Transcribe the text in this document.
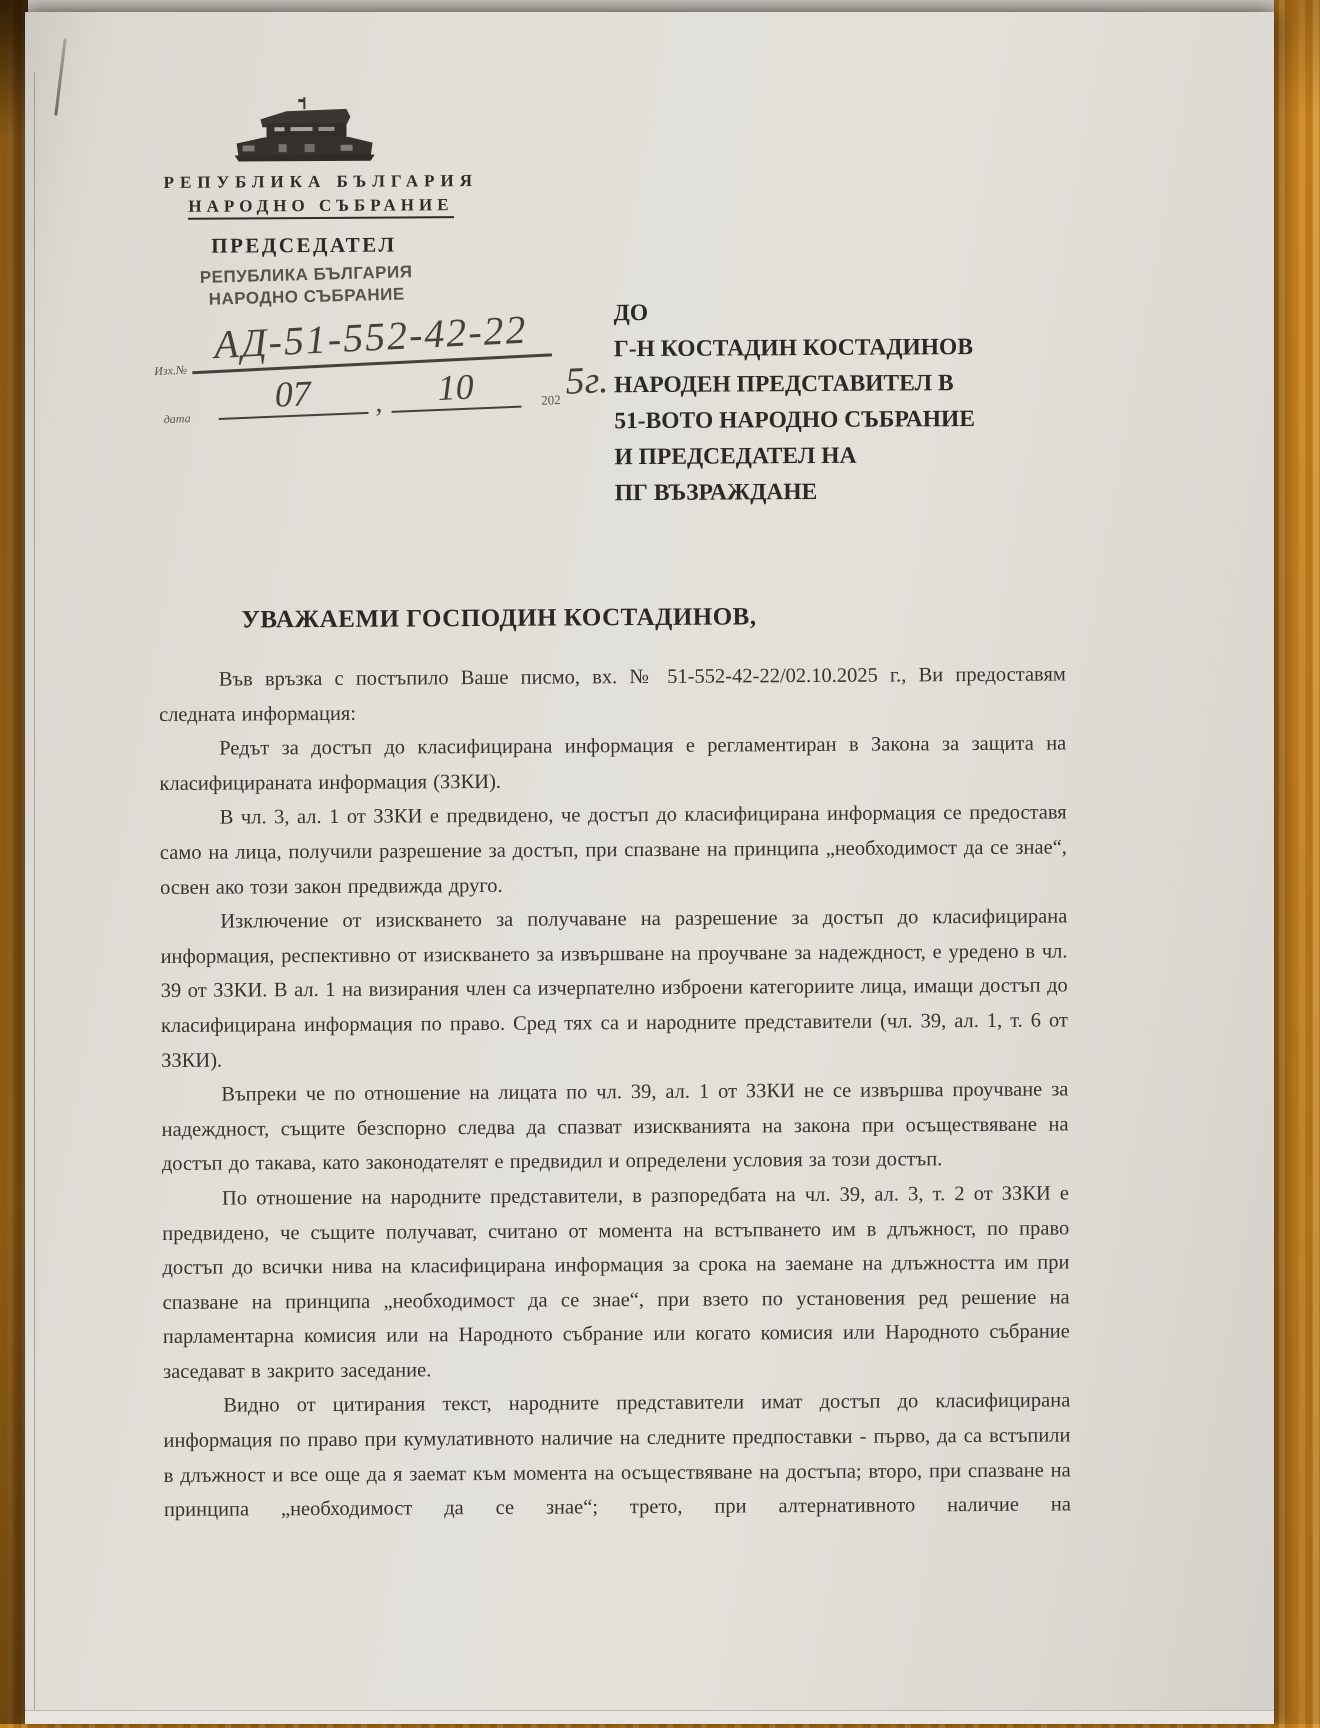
РЕПУБЛИКА БЪЛГАРИЯ
НАРОДНО СЪБРАНИЕ
ПРЕДСЕДАТЕЛ
РЕПУБЛИКА БЪЛГАРИЯ
НАРОДНО СЪБРАНИЕ
Изх.№
АД-51-552-42-22
дата
07	,	10	202 5г.
ДО
Г-Н КОСТАДИН КОСТАДИНОВ
НАРОДЕН ПРЕДСТАВИТЕЛ В
51-ВОТО НАРОДНО СЪБРАНИЕ
И ПРЕДСЕДАТЕЛ НА
ПГ ВЪЗРАЖДАНЕ
УВАЖАЕМИ ГОСПОДИН КОСТАДИНОВ,

Във връзка с постъпило Ваше писмо, вх. № 51-552-42-22/02.10.2025 г., Ви предоставям следната информация:

Редът за достъп до класифицирана информация е регламентиран в Закона за защита на класифицираната информация (ЗЗКИ).

В чл. 3, ал. 1 от ЗЗКИ е предвидено, че достъп до класифицирана информация се предоставя само на лица, получили разрешение за достъп, при спазване на принципа „необходимост да се знае“, освен ако този закон предвижда друго.

Изключение от изискването за получаване на разрешение за достъп до класифицирана информация, респективно от изискването за извършване на проучване за надеждност, е уредено в чл. 39 от ЗЗКИ. В ал. 1 на визирания член са изчерпателно изброени категориите лица, имащи достъп до класифицирана информация по право. Сред тях са и народните представители (чл. 39, ал. 1, т. 6 от ЗЗКИ).

Въпреки че по отношение на лицата по чл. 39, ал. 1 от ЗЗКИ не се извършва проучване за надеждност, същите безспорно следва да спазват изискванията на закона при осъществяване на достъп до такава, като законодателят е предвидил и определени условия за този достъп.

По отношение на народните представители, в разпоредбата на чл. 39, ал. 3, т. 2 от ЗЗКИ е предвидено, че същите получават, считано от момента на встъпването им в длъжност, по право достъп до всички нива на класифицирана информация за срока на заемане на длъжността им при спазване на принципа „необходимост да се знае“, при взето по установения ред решение на парламентарна комисия или на Народното събрание или когато комисия или Народното събрание заседават в закрито заседание.

Видно от цитирания текст, народните представители имат достъп до класифицирана информация по право при кумулативното наличие на следните предпоставки - първо, да са встъпили в длъжност и все още да я заемат към момента на осъществяване на достъпа; второ, при спазване на принципа „необходимост да се знае“; трето, при алтернативното наличие на
